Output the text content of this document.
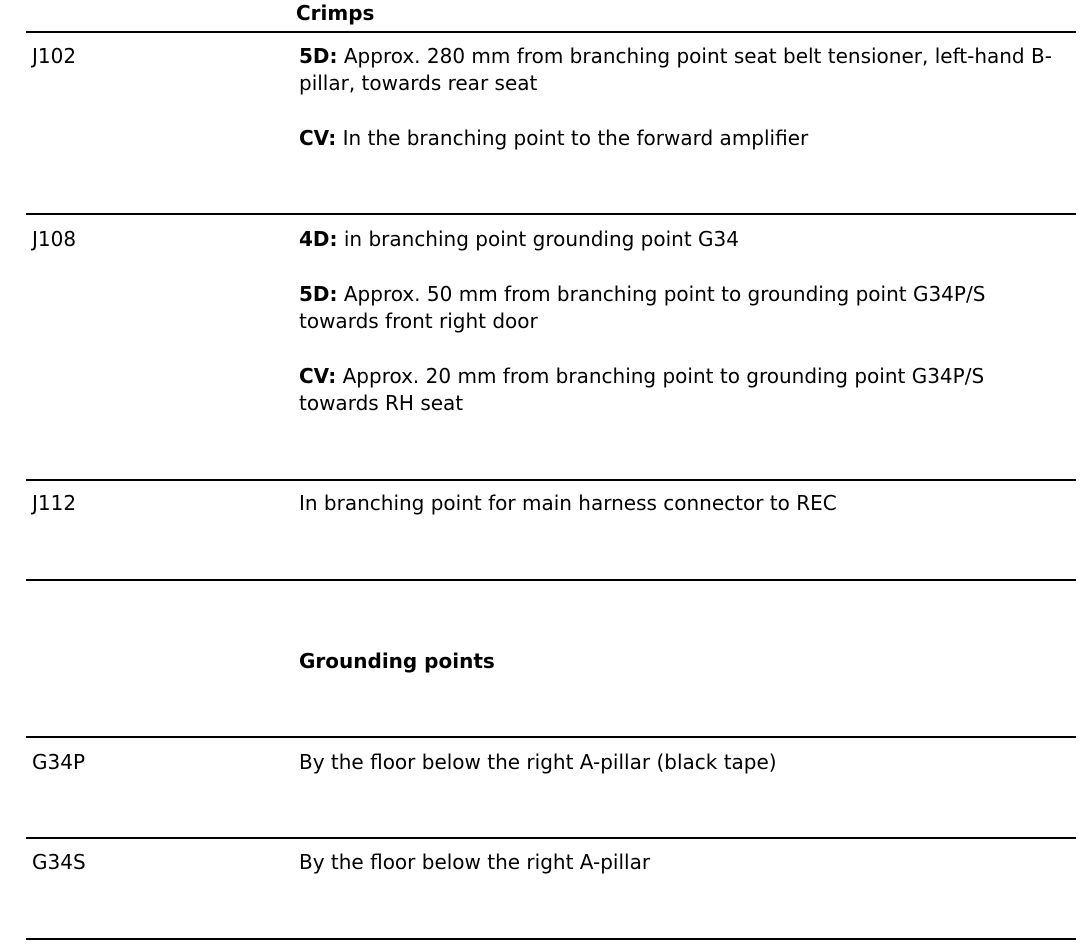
Crimps
J102	5D: Approx. 280 mm from branching point seat belt tensioner, left-hand B-pillar, towards rear seat

CV: In the branching point to the forward amplifier

J108	4D: in branching point grounding point G34

5D: Approx. 50 mm from branching point to grounding point G34P/S towards front right door

CV: Approx. 20 mm from branching point to grounding point G34P/S towards RH seat

J112	In branching point for main harness connector to REC
Grounding points
G34P	By the floor below the right A-pillar (black tape)
G34S	By the floor below the right A-pillar
